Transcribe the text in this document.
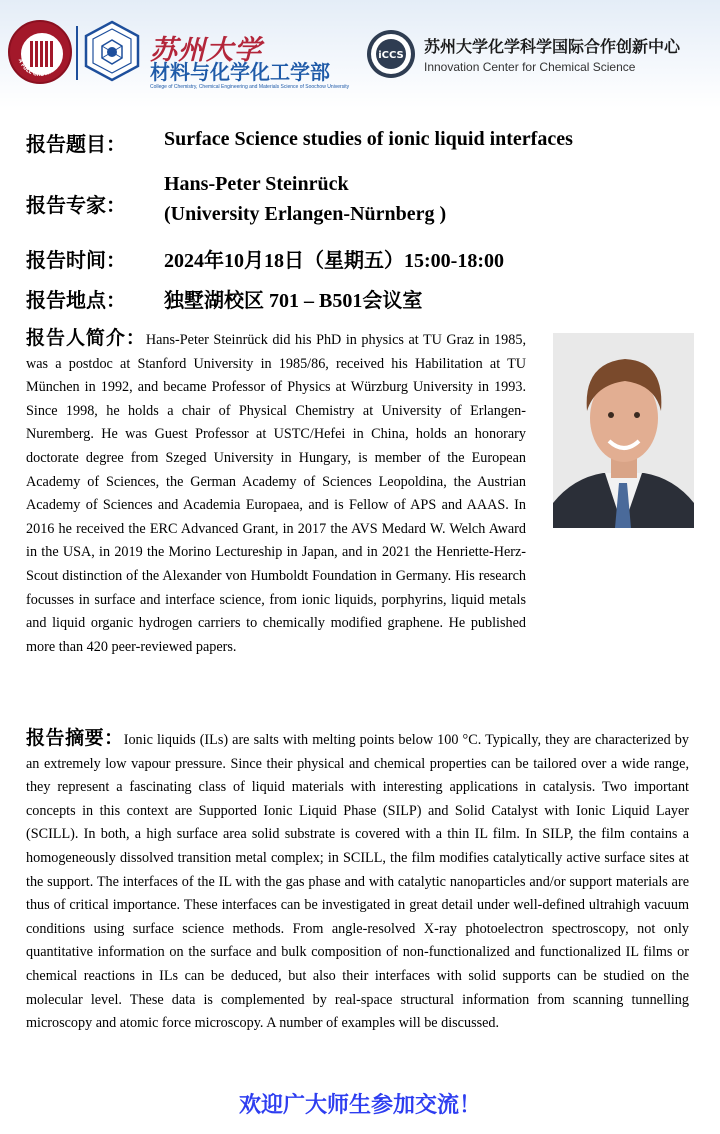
A FULL GROWN MAN	苏州大学
材料与化学化工学部
College of Chemistry, Chemical Engineering and Materials Science of Soochow University
iCCS 苏州大学化学科学国际合作创新中心
Innovation Center for Chemical Science
报告题目： Surface Science studies of ionic liquid interfaces
报告专家：
Hans-Peter Steinrück
(University Erlangen-Nürnberg )
报告时间： 2024年10月18日（星期五）15:00-18:00
报告地点： 独墅湖校区 701 – B501会议室
报告人简介：Hans-Peter Steinrück did his PhD in physics at TU Graz in 1985, was a postdoc at Stanford University in 1985/86, received his Habilitation at TU München in 1992, and became Professor of Physics at Würzburg University in 1993. Since 1998, he holds a chair of Physical Chemistry at University of Erlangen-Nuremberg. He was Guest Professor at USTC/Hefei in China, holds an honorary doctorate degree from Szeged University in Hungary, is member of the European Academy of Sciences, the German Academy of Sciences Leopoldina, the Austrian Academy of Sciences and Academia Europaea, and is Fellow of APS and AAAS. In 2016 he received the ERC Advanced Grant, in 2017 the AVS Medard W. Welch Award in the USA, in 2019 the Morino Lectureship in Japan, and in 2021 the Henriette-Herz-Scout distinction of the Alexander von Humboldt Foundation in Germany. His research focusses in surface and interface science, from ionic liquids, porphyrins, liquid metals and liquid organic hydrogen carriers to chemically modified graphene. He published more than 420 peer-reviewed papers.
报告摘要：Ionic liquids (ILs) are salts with melting points below 100 °C. Typically, they are characterized by an extremely low vapour pressure. Since their physical and chemical properties can be tailored over a wide range, they represent a fascinating class of liquid materials with interesting applications in catalysis. Two important concepts in this context are Supported Ionic Liquid Phase (SILP) and Solid Catalyst with Ionic Liquid Layer (SCILL). In both, a high surface area solid substrate is covered with a thin IL film. In SILP, the film contains a homogeneously dissolved transition metal complex; in SCILL, the film modifies catalytically active surface sites at the support. The interfaces of the IL with the gas phase and with catalytic nanoparticles and/or support materials are thus of critical importance. These interfaces can be investigated in great detail under well-defined ultrahigh vacuum conditions using surface science methods. From angle-resolved X-ray photoelectron spectroscopy, not only quantitative information on the surface and bulk composition of non-functionalized and functionalized IL films or chemical reactions in ILs can be deduced, but also their interfaces with solid supports can be studied on the molecular level. These data is complemented by real-space structural information from scanning tunnelling microscopy and atomic force microscopy. A number of examples will be discussed.
欢迎广大师生参加交流！
